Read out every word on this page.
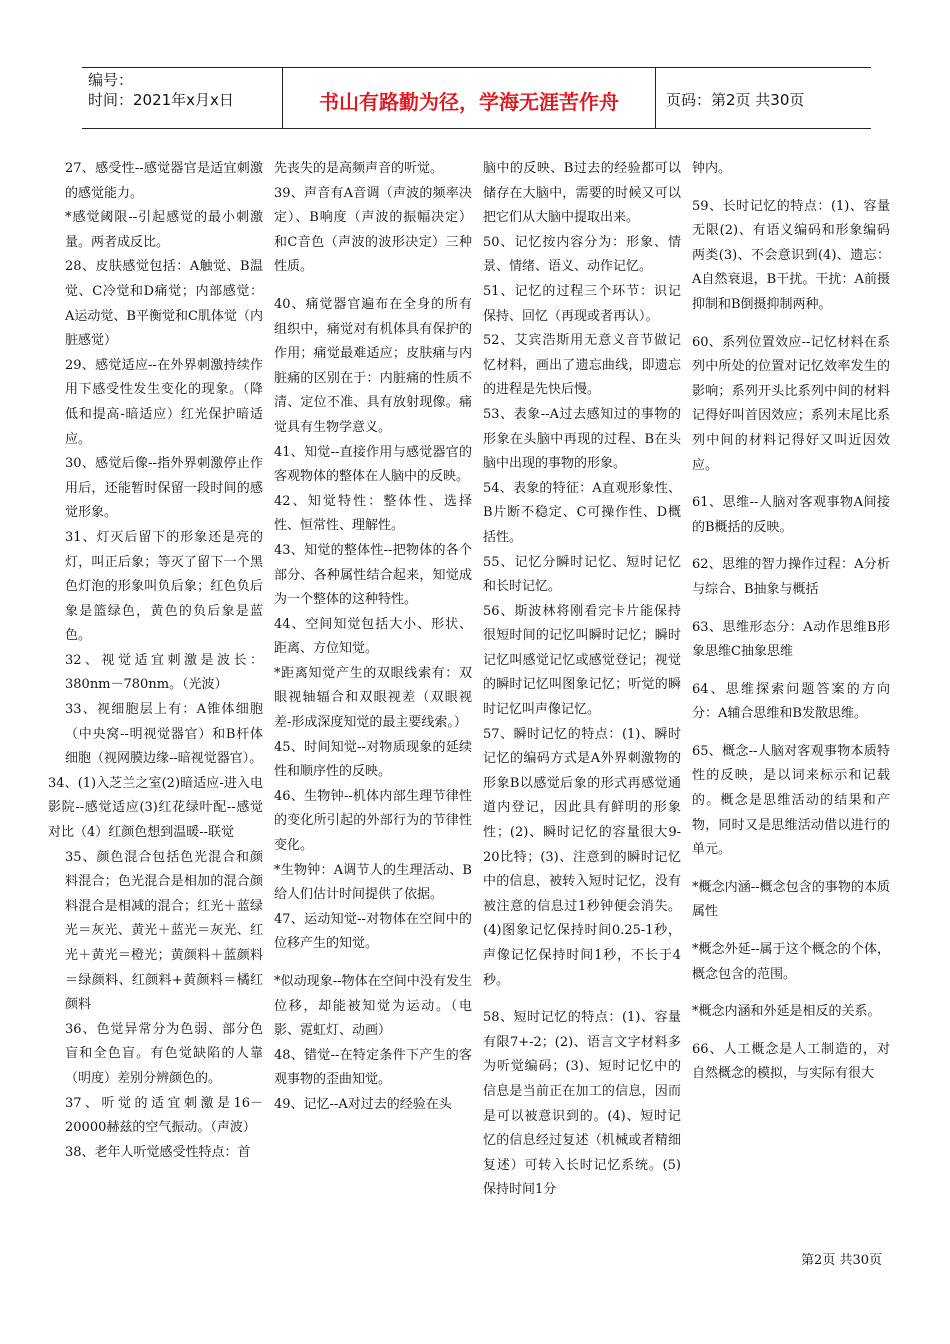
编号：
时间：2021年x月x日	书山有路勤为径，学海无涯苦作舟	页码：第2页 共30页

27、感受性--感觉器官是适宜刺激的感觉能力。

*感觉阈限--引起感觉的最小刺激量。两者成反比。

28、皮肤感觉包括：A触觉、B温觉、C冷觉和D痛觉；内部感觉：A运动觉、B平衡觉和C肌体觉（内脏感觉）

29、感觉适应--在外界刺激持续作用下感受性发生变化的现象。（降低和提高-暗适应）红光保护暗适应。

30、感觉后像--指外界刺激停止作用后，还能暂时保留一段时间的感觉形象。

31、灯灭后留下的形象还是亮的灯，叫正后象；等灭了留下一个黑色灯泡的形象叫负后象；红色负后象是篮绿色，黄色的负后象是蓝色。

32、视觉适宜刺激是波长：380nm－780nm。（光波）

33、视细胞层上有：A锥体细胞（中央窝--明视觉器官）和B杆体细胞（视网膜边缘--暗视觉器官）。

34、(1)入芝兰之室(2)暗适应-进入电影院--感觉适应(3)红花绿叶配--感觉对比（4）红颜色想到温暖--联觉

35、颜色混合包括色光混合和颜料混合；色光混合是相加的混合颜料混合是相减的混合；红光＋蓝绿光＝灰光、黄光＋蓝光＝灰光、红光＋黄光＝橙光；黄颜料＋蓝颜料＝绿颜料、红颜料+黄颜料＝橘红颜料

36、色觉异常分为色弱、部分色盲和全色盲。有色觉缺陷的人靠（明度）差别分辨颜色的。

37、听觉的适宜刺激是16－20000赫兹的空气振动。（声波）

38、老年人听觉感受性特点：首

先丧失的是高频声音的听觉。

39、声音有A音调（声波的频率决定）、B响度（声波的振幅决定）和C音色（声波的波形决定）三种性质。

40、痛觉器官遍布在全身的所有组织中，痛觉对有机体具有保护的作用；痛觉最难适应；皮肤痛与内脏痛的区别在于：内脏痛的性质不清、定位不准、具有放射现像。痛觉具有生物学意义。

41、知觉--直接作用与感觉器官的客观物体的整体在人脑中的反映。

42、知觉特性：整体性、选择性、恒常性、理解性。

43、知觉的整体性--把物体的各个部分、各种属性结合起来，知觉成为一个整体的这种特性。

44、空间知觉包括大小、形状、距离、方位知觉。

*距离知觉产生的双眼线索有：双眼视轴辐合和双眼视差（双眼视差-形成深度知觉的最主要线索。）

45、时间知觉--对物质现象的延续性和顺序性的反映。

46、生物钟--机体内部生理节律性的变化所引起的外部行为的节律性变化。

*生物钟：A调节人的生理活动、B给人们估计时间提供了依据。

47、运动知觉--对物体在空间中的位移产生的知觉。

*似动现象--物体在空间中没有发生位移，却能被知觉为运动。（电影、霓虹灯、动画）

48、错觉--在特定条件下产生的客观事物的歪曲知觉。

49、记忆--A对过去的经验在头

脑中的反映、B过去的经验都可以储存在大脑中，需要的时候又可以把它们从大脑中提取出来。

50、记忆按内容分为：形象、情景、情绪、语义、动作记忆。

51、记忆的过程三个环节：识记保持、回忆（再现或者再认）。

52、艾宾浩斯用无意义音节做记忆材料，画出了遗忘曲线，即遗忘的进程是先快后慢。

53、表象--A过去感知过的事物的形象在头脑中再现的过程、B在头脑中出现的事物的形象。

54、表象的特征：A直观形象性、B片断不稳定、C可操作性、D概括性。

55、记忆分瞬时记忆、短时记忆和长时记忆。

56、斯波林将刚看完卡片能保持很短时间的记忆叫瞬时记忆；瞬时记忆叫感觉记忆或感觉登记；视觉的瞬时记忆叫图象记忆；听觉的瞬时记忆叫声像记忆。

57、瞬时记忆的特点：(1)、瞬时记忆的编码方式是A外界刺激物的形象B以感觉后象的形式再感觉通道内登记，因此具有鲜明的形象性；(2)、瞬时记忆的容量很大9-20比特；(3)、注意到的瞬时记忆中的信息，被转入短时记忆，没有被注意的信息过1秒钟便会消失。(4)图象记忆保持时间0.25-1秒，声像记忆保持时间1秒，不长于4秒。

58、短时记忆的特点：(1)、容量有限7+-2；(2)、语言文字材料多为听觉编码；(3)、短时记忆中的信息是当前正在加工的信息，因而是可以被意识到的。(4)、短时记忆的信息经过复述（机械或者精细复述）可转入长时记忆系统。(5)保持时间1分

钟内。

59、长时记忆的特点：(1)、容量无限(2)、有语义编码和形象编码两类(3)、不会意识到(4)、遗忘：A自然衰退，B干扰。干扰：A前摄抑制和B倒摄抑制两种。

60、系列位置效应--记忆材料在系列中所处的位置对记忆效率发生的影响；系列开头比系列中间的材料记得好叫首因效应；系列末尾比系列中间的材料记得好又叫近因效应。

61、思维--人脑对客观事物A间接的B概括的反映。

62、思维的智力操作过程：A分析与综合、B抽象与概括

63、思维形态分：A动作思维B形象思维C抽象思维

64、思维探索问题答案的方向分：A辅合思维和B发散思维。

65、概念--人脑对客观事物本质特性的反映，是以词来标示和记载的。概念是思维活动的结果和产物，同时又是思维活动借以进行的单元。

*概念内涵--概念包含的事物的本质属性

*概念外延--属于这个概念的个体，概念包含的范围。

*概念内涵和外延是相反的关系。

66、人工概念是人工制造的，对自然概念的模拟，与实际有很大

第2页 共30页
